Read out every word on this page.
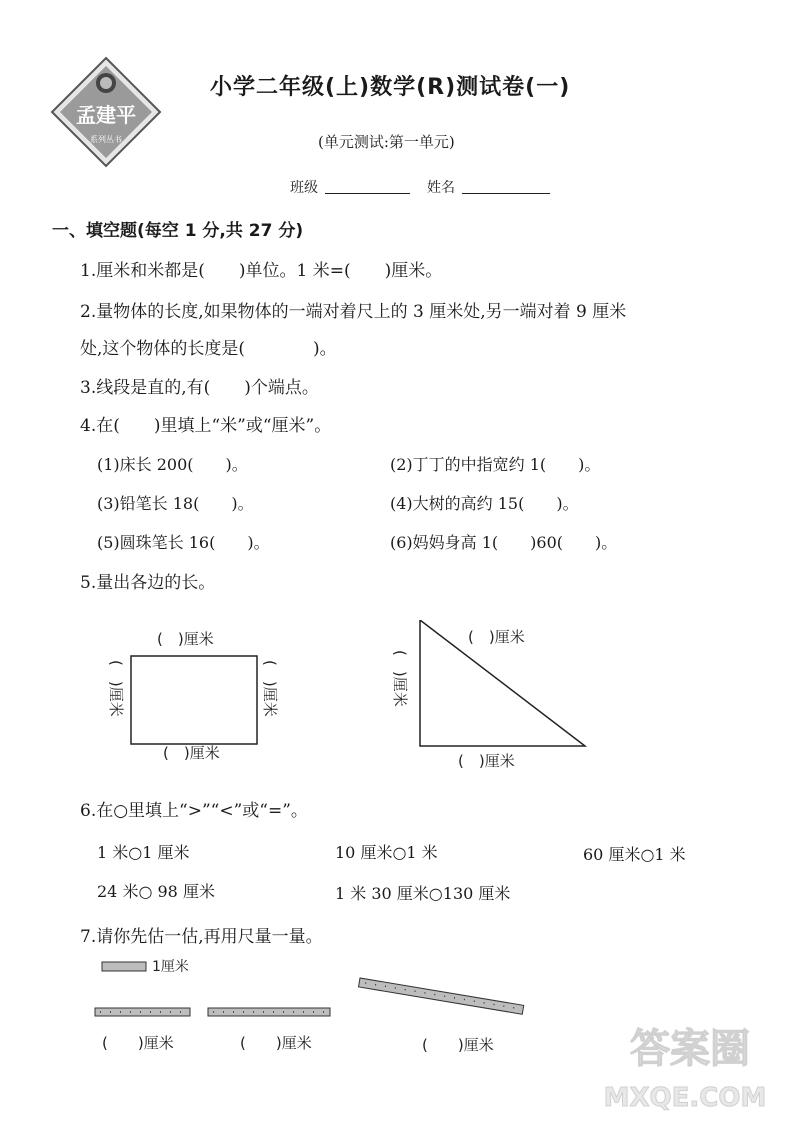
孟建平
系列丛书
小学二年级(上)数学(R)测试卷(一)
(单元测试:第一单元)
班级	姓名
一、填空题(每空 1 分,共 27 分)
1.厘米和米都是(　　)单位。1 米=(　　)厘米。
2.量物体的长度,如果物体的一端对着尺上的 3 厘米处,另一端对着 9 厘米
处,这个物体的长度是(　　　　)。
3.线段是直的,有(　　)个端点。
4.在(　　)里填上“米”或“厘米”。
(1)床长 200(　　)。	(2)丁丁的中指宽约 1(　　)。
(3)铅笔长 18(　　)。	(4)大树的高约 15(　　)。
(5)圆珠笔长 16(　　)。	(6)妈妈身高 1(　　)60(　　)。
5.量出各边的长。
(　)厘米
(　)厘米
(　)厘米	(　)厘米
(　)厘米
(　)厘米
(　)厘米
6.在○里填上“>”“<”或“=”。
1 米○1 厘米	10 厘米○1 米	60 厘米○1 米
24 米○ 98 厘米	1 米 30 厘米○130 厘米
7.请你先估一估,再用尺量一量。
1厘米
(　　)厘米	(　　)厘米	(　　)厘米	答案圈
MXQE.COM
